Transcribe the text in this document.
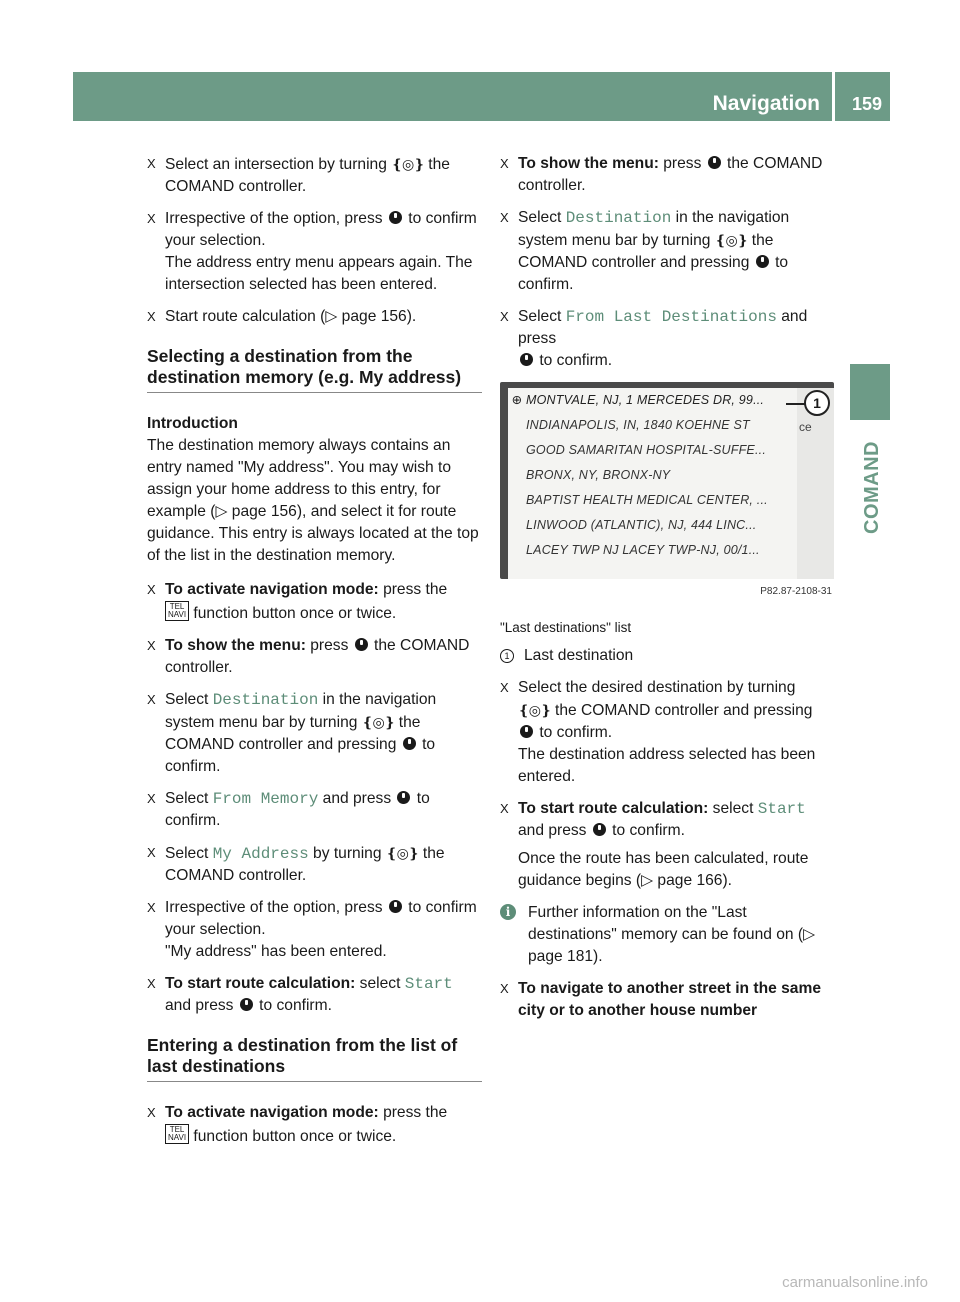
Navigation 159
COMAND
X Select an intersection by turning ❴◎❵ the COMAND controller.
X Irrespective of the option, press  to confirm your selection.
The address entry menu appears again. The intersection selected has been entered.
X Start route calculation (▷ page 156).
Selecting a destination from the destination memory (e.g. My address)
Introduction
The destination memory always contains an entry named "My address". You may wish to assign your home address to this entry, for example (▷ page 156), and select it for route guidance. This entry is always located at the top of the list in the destination memory.
X To activate navigation mode: press the
TEL
NAVI function button once or twice.
X To show the menu: press  the COMAND controller.
X Select Destination in the navigation system menu bar by turning ❴◎❵ the COMAND controller and pressing  to confirm.
X Select From Memory and press  to confirm.
X Select My Address by turning ❴◎❵ the COMAND controller.
X Irrespective of the option, press  to confirm your selection.
"My address" has been entered.
X To start route calculation: select Start
and press  to confirm.
Entering a destination from the list of last destinations
X To activate navigation mode: press the
TEL
NAVI function button once or twice.
X To show the menu: press  the COMAND controller.
X Select Destination in the navigation system menu bar by turning ❴◎❵ the COMAND controller and pressing  to confirm.
X Select From Last Destinations and press
to confirm.
⊕ MONTVALE, NJ, 1 MERCEDES DR, 99...
INDIANAPOLIS, IN, 1840 KOEHNE ST
GOOD SAMARITAN HOSPITAL-SUFFE...
BRONX, NY, BRONX-NY
BAPTIST HEALTH MEDICAL CENTER, ...
LINWOOD (ATLANTIC), NJ, 444 LINC...
LACEY TWP NJ LACEY TWP-NJ, 00/1...
ce
1
P82.87-2108-31
"Last destinations" list
1 Last destination
X Select the desired destination by turning
❴◎❵ the COMAND controller and pressing
to confirm.
The destination address selected has been entered.
X To start route calculation: select Start
and press  to confirm.
Once the route has been calculated, route guidance begins (▷ page 166).
i	Further information on the "Last destinations" memory can be found on (▷ page 181).
X To navigate to another street in the same city or to another house number
carmanualsonline.info
